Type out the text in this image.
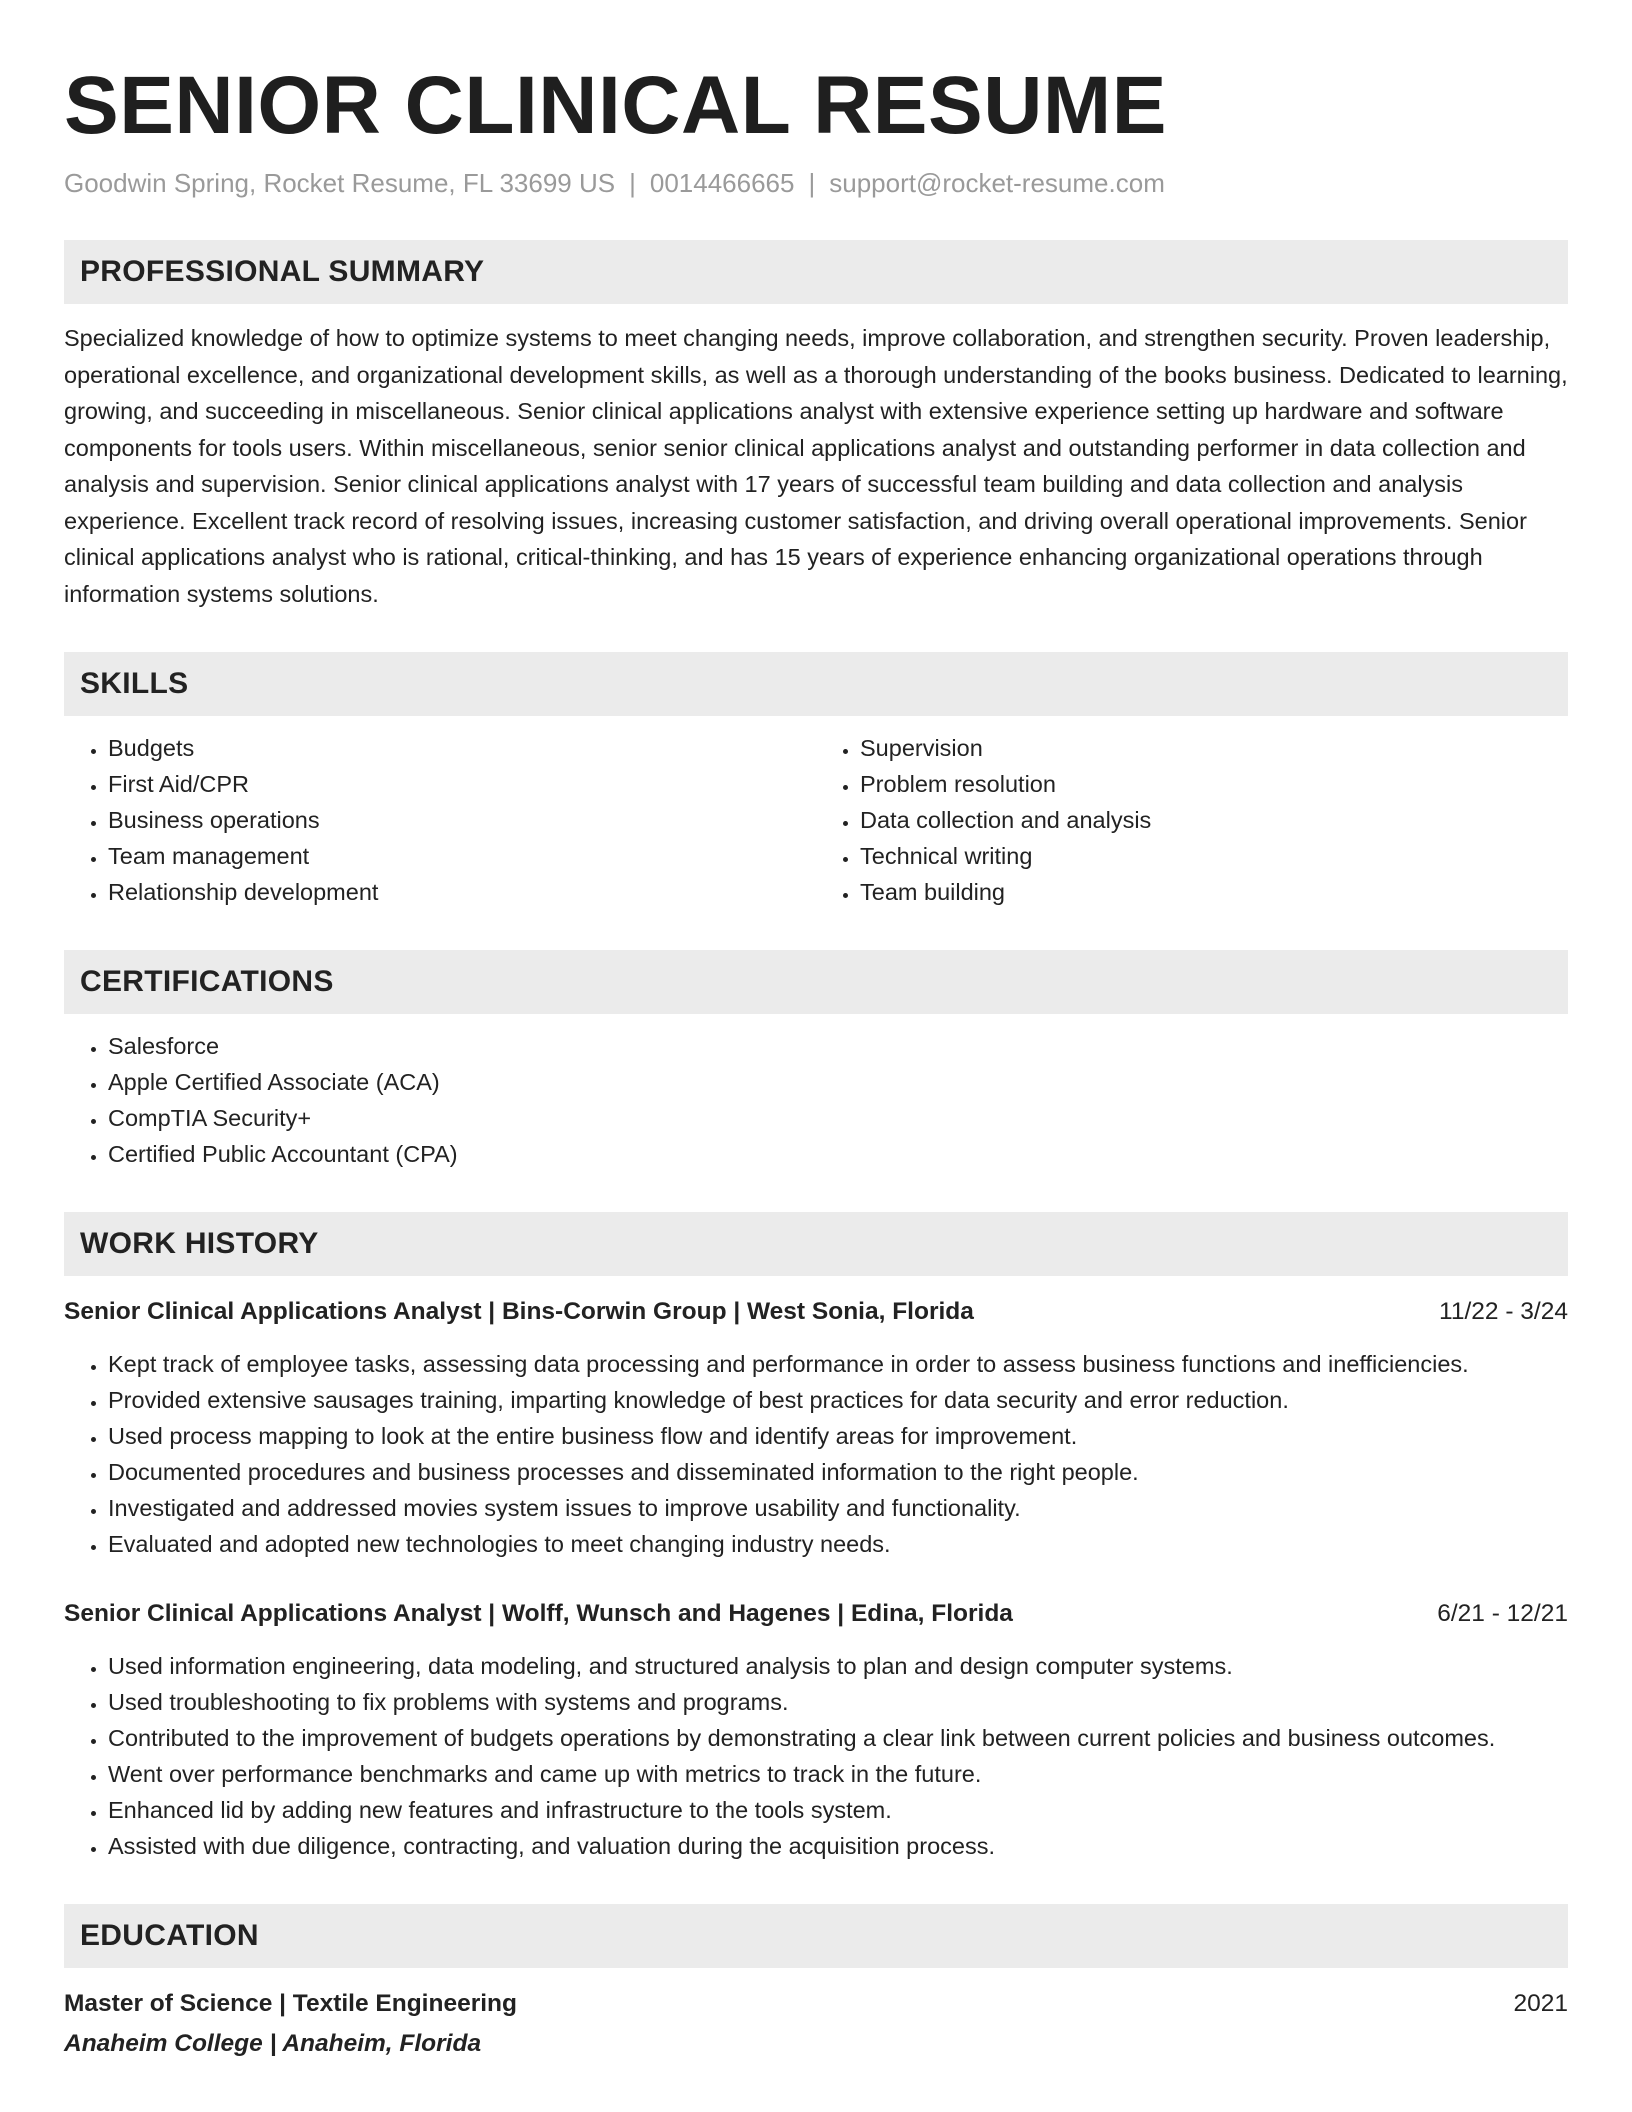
SENIOR CLINICAL RESUME
Goodwin Spring, Rocket Resume, FL 33699 US | 0014466665 | support@rocket-resume.com
PROFESSIONAL SUMMARY
Specialized knowledge of how to optimize systems to meet changing needs, improve collaboration, and strengthen security. Proven leadership, operational excellence, and organizational development skills, as well as a thorough understanding of the books business. Dedicated to learning, growing, and succeeding in miscellaneous. Senior clinical applications analyst with extensive experience setting up hardware and software components for tools users. Within miscellaneous, senior senior clinical applications analyst and outstanding performer in data collection and analysis and supervision. Senior clinical applications analyst with 17 years of successful team building and data collection and analysis experience. Excellent track record of resolving issues, increasing customer satisfaction, and driving overall operational improvements. Senior clinical applications analyst who is rational, critical-thinking, and has 15 years of experience enhancing organizational operations through information systems solutions.
SKILLS
• Budgets
• First Aid/CPR
• Business operations
• Team management
• Relationship development
• Supervision
• Problem resolution
• Data collection and analysis
• Technical writing
• Team building
CERTIFICATIONS
• Salesforce
• Apple Certified Associate (ACA)
• CompTIA Security+
• Certified Public Accountant (CPA)
WORK HISTORY
Senior Clinical Applications Analyst | Bins-Corwin Group | West Sonia, Florida	11/22 - 3/24
• Kept track of employee tasks, assessing data processing and performance in order to assess business functions and inefficiencies.
• Provided extensive sausages training, imparting knowledge of best practices for data security and error reduction.
• Used process mapping to look at the entire business flow and identify areas for improvement.
• Documented procedures and business processes and disseminated information to the right people.
• Investigated and addressed movies system issues to improve usability and functionality.
• Evaluated and adopted new technologies to meet changing industry needs.
Senior Clinical Applications Analyst | Wolff, Wunsch and Hagenes | Edina, Florida	6/21 - 12/21
• Used information engineering, data modeling, and structured analysis to plan and design computer systems.
• Used troubleshooting to fix problems with systems and programs.
• Contributed to the improvement of budgets operations by demonstrating a clear link between current policies and business outcomes.
• Went over performance benchmarks and came up with metrics to track in the future.
• Enhanced lid by adding new features and infrastructure to the tools system.
• Assisted with due diligence, contracting, and valuation during the acquisition process.
EDUCATION
Master of Science | Textile Engineering	2021
Anaheim College | Anaheim, Florida
